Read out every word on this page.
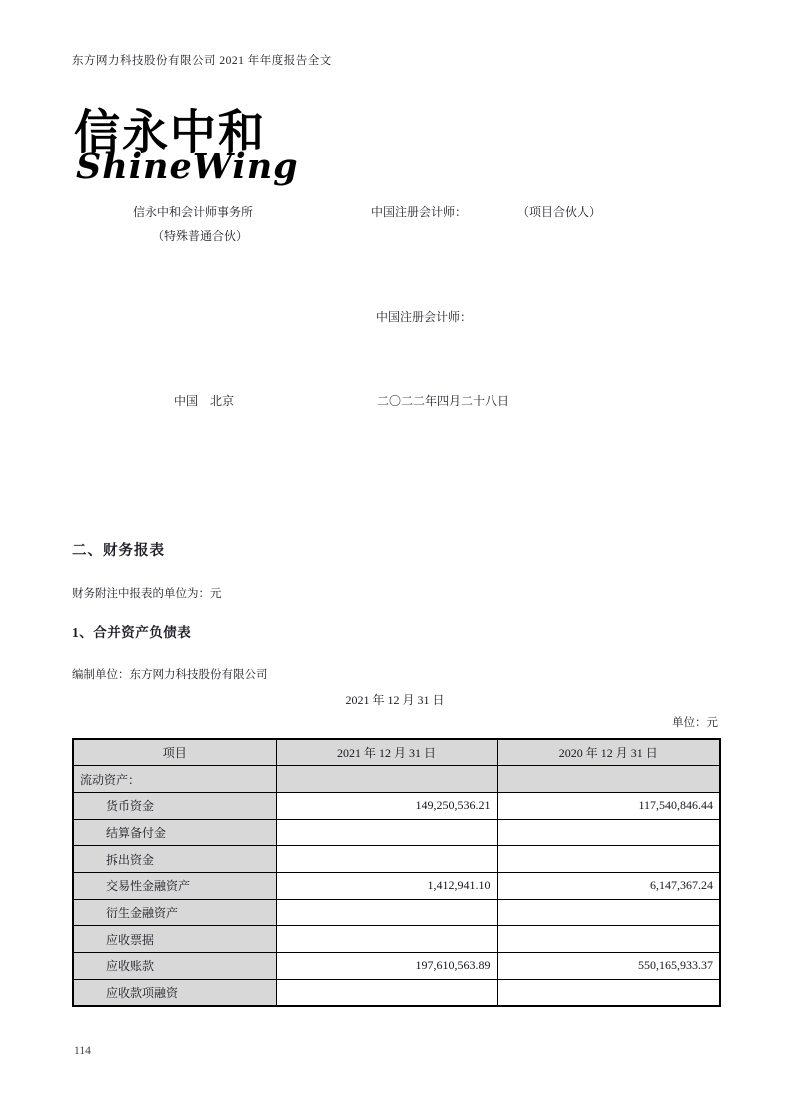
东方网力科技股份有限公司 2021 年年度报告全文
信永中和
ShineWing
信永中和会计师事务所	中国注册会计师：	（项目合伙人）
（特殊普通合伙）
中国注册会计师：
中国　北京	二〇二二年四月二十八日
二、财务报表
财务附注中报表的单位为：元
1、合并资产负债表
编制单位：东方网力科技股份有限公司
2021 年 12 月 31 日
单位：元
项目	2021 年 12 月 31 日	2020 年 12 月 31 日
流动资产：		
货币资金	149,250,536.21	117,540,846.44
结算备付金		
拆出资金		
交易性金融资产	1,412,941.10	6,147,367.24
衍生金融资产		
应收票据		
应收账款	197,610,563.89	550,165,933.37
应收款项融资		
114
